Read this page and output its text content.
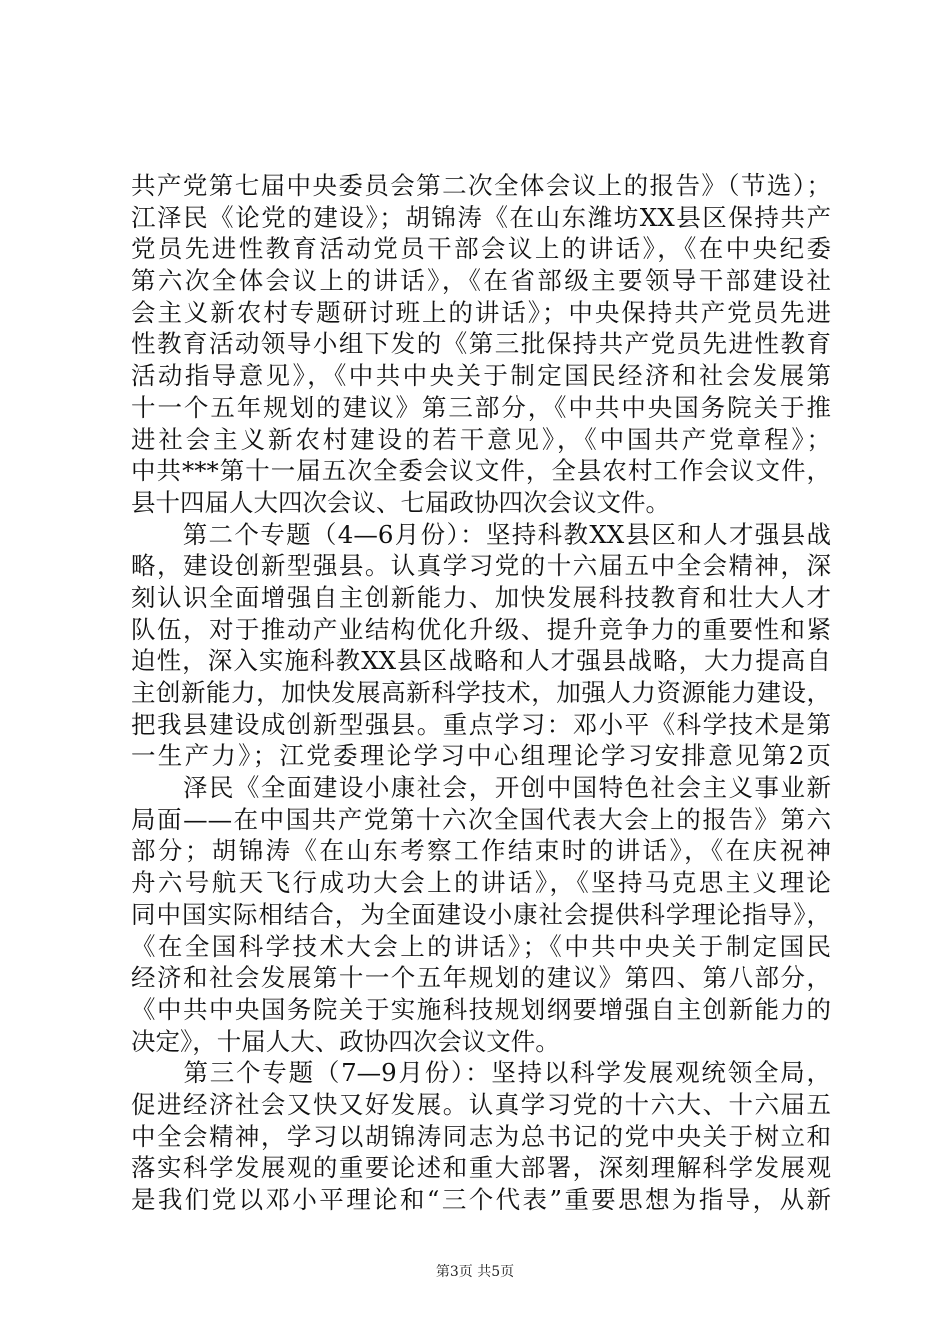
共产党第七届中央委员会第二次全体会议上的报告》（节选）；
江泽民《论党的建设》；胡锦涛《在山东潍坊XX县区保持共产
党员先进性教育活动党员干部会议上的讲话》，《在中央纪委
第六次全体会议上的讲话》，《在省部级主要领导干部建设社
会主义新农村专题研讨班上的讲话》；中央保持共产党员先进
性教育活动领导小组下发的《第三批保持共产党员先进性教育
活动指导意见》，《中共中央关于制定国民经济和社会发展第
十一个五年规划的建议》第三部分，《中共中央国务院关于推
进社会主义新农村建设的若干意见》，《中国共产党章程》；
中共***第十一届五次全委会议文件，全县农村工作会议文件，
县十四届人大四次会议、七届政协四次会议文件。
　　第二个专题（4—6月份）：坚持科教XX县区和人才强县战
略，建设创新型强县。认真学习党的十六届五中全会精神，深
刻认识全面增强自主创新能力、加快发展科技教育和壮大人才
队伍，对于推动产业结构优化升级、提升竞争力的重要性和紧
迫性，深入实施科教XX县区战略和人才强县战略，大力提高自
主创新能力，加快发展高新科学技术，加强人力资源能力建设，
把我县建设成创新型强县。重点学习：邓小平《科学技术是第
一生产力》；江党委理论学习中心组理论学习安排意见第2页
　　泽民《全面建设小康社会，开创中国特色社会主义事业新
局面——在中国共产党第十六次全国代表大会上的报告》第六
部分；胡锦涛《在山东考察工作结束时的讲话》，《在庆祝神
舟六号航天飞行成功大会上的讲话》，《坚持马克思主义理论
同中国实际相结合，为全面建设小康社会提供科学理论指导》，
《在全国科学技术大会上的讲话》；《中共中央关于制定国民
经济和社会发展第十一个五年规划的建议》第四、第八部分，
《中共中央国务院关于实施科技规划纲要增强自主创新能力的
决定》，十届人大、政协四次会议文件。
　　第三个专题（7—9月份）：坚持以科学发展观统领全局，
促进经济社会又快又好发展。认真学习党的十六大、十六届五
中全会精神，学习以胡锦涛同志为总书记的党中央关于树立和
落实科学发展观的重要论述和重大部署，深刻理解科学发展观
是我们党以邓小平理论和“三个代表”重要思想为指导，从新
第3页 共5页
